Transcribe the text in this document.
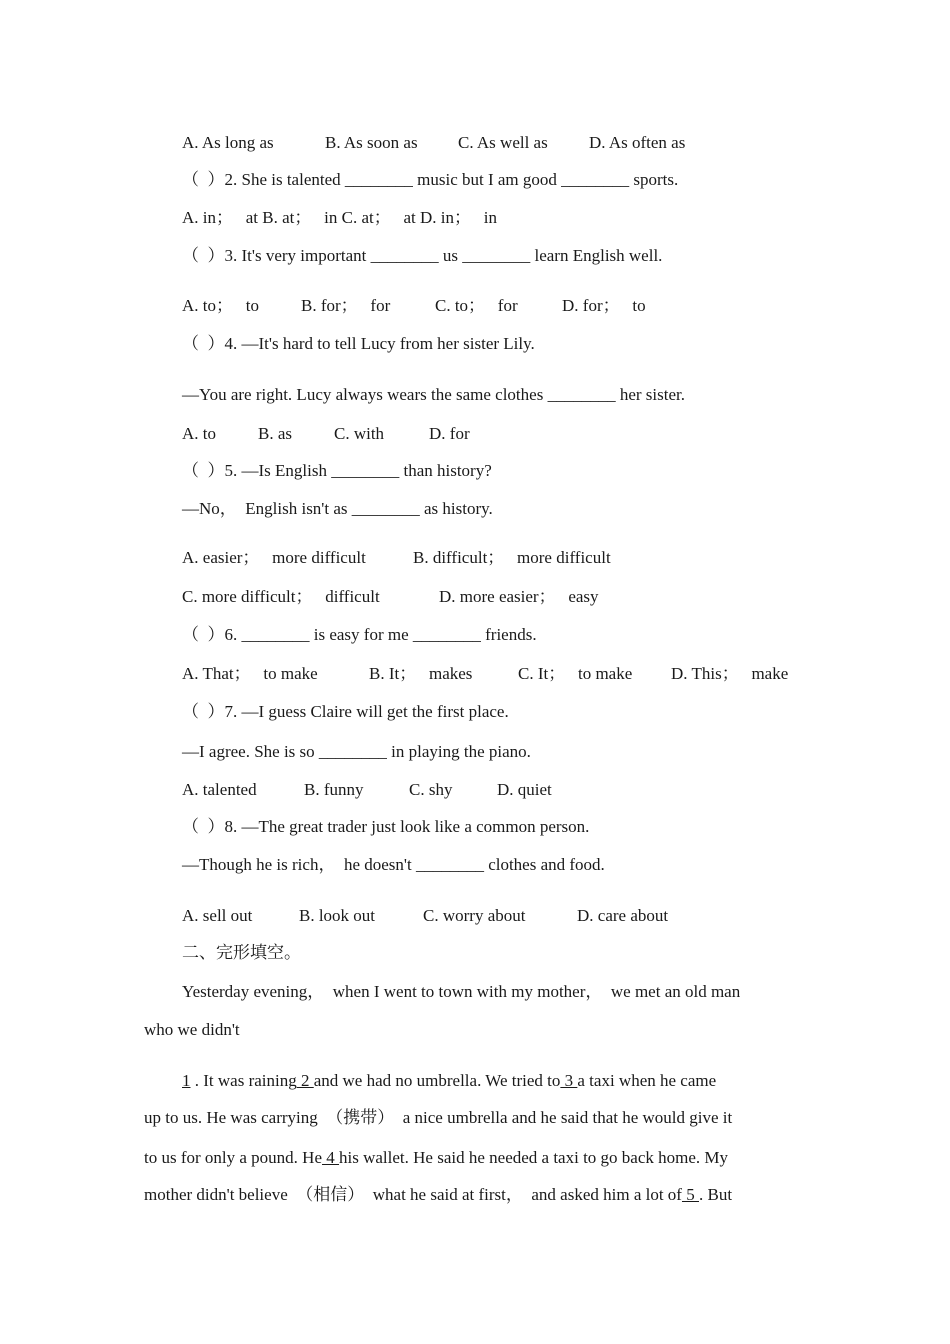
A. As long as

	B. As soon as

C. As well as

D. As often as

（  ）2. She is talented ________ music but I am good ________ sports.
A. in；   at B. at；   in C. at；   at D. in；   in
（  ）3. It's very important ________ us ________ learn English well.

A. to；   to

B. for；   for

	C. to；   for

	D. for；   to

（  ）4. —It's hard to tell Lucy from her sister Lily.
—You are right. Lucy always wears the same clothes ________ her sister.

A. to

B. as

C. with

	D. for

（  ）5. —Is English ________ than history?
—No，  English isn't as ________ as history.

A. easier；   more difficult

	B. difficult；   more difficult

C. more difficult；   difficult

	D. more easier；   easy

（  ）6. ________ is easy for me ________ friends.

A. That；   to make

	B. It；   makes

	C. It；   to make

D. This；   make

（  ）7. —I guess Claire will get the first place.
—I agree. She is so ________ in playing the piano.

A. talented

	B. funny

	C. shy

	D. quiet

（  ）8. —The great trader just look like a common person.
—Though he is rich，  he doesn't ________ clothes and food.

A. sell out

	B. look out

	C. worry about

	D. care about

二、完形填空。
Yesterday evening，  when I went to town with my mother，  we met an old man
who we didn't
1 . It was raining 2 and we had no umbrella. We tried to 3 a taxi when he came
up to us. He was carrying  （携带）  a nice umbrella and he said that he would give it
to us for only a pound. He 4 his wallet. He said he needed a taxi to go back home. My
mother didn't believe  （相信）  what he said at first，  and asked him a lot of 5 . But
